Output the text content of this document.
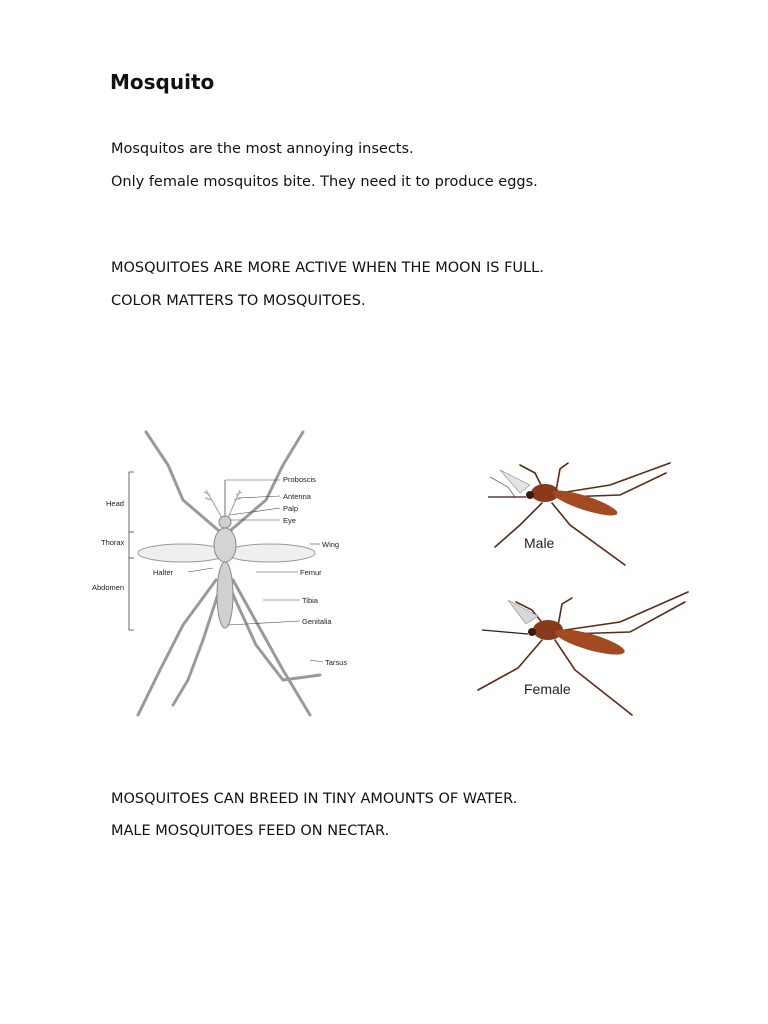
Mosquito

Mosquitos are the most annoying insects.

Only female mosquitos bite. They need it to produce eggs.

MOSQUITOES ARE MORE ACTIVE WHEN THE MOON IS FULL.

COLOR MATTERS TO MOSQUITOES.

Head
Thorax
Abdomen
Proboscis
Antenna
Palp
Eye
Wing
Halter	Femur
Tibia
Genitalia
Tarsus
Male
Female

MOSQUITOES CAN BREED IN TINY AMOUNTS OF WATER.

MALE MOSQUITOES FEED ON NECTAR.
